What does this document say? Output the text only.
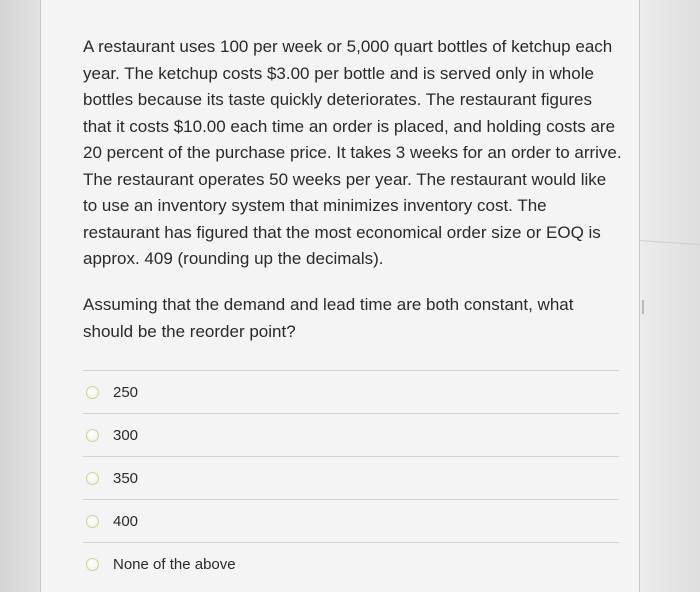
A restaurant uses 100 per week or 5,000 quart bottles of ketchup each year. The ketchup costs $3.00 per bottle and is served only in whole bottles because its taste quickly deteriorates. The restaurant figures that it costs $10.00 each time an order is placed, and holding costs are 20 percent of the purchase price. It takes 3 weeks for an order to arrive. The restaurant operates 50 weeks per year. The restaurant would like to use an inventory system that minimizes inventory cost. The restaurant has figured that the most economical order size or EOQ is approx. 409 (rounding up the decimals).
Assuming that the demand and lead time are both constant, what should be the reorder point?
250
300
350
400
None of the above
